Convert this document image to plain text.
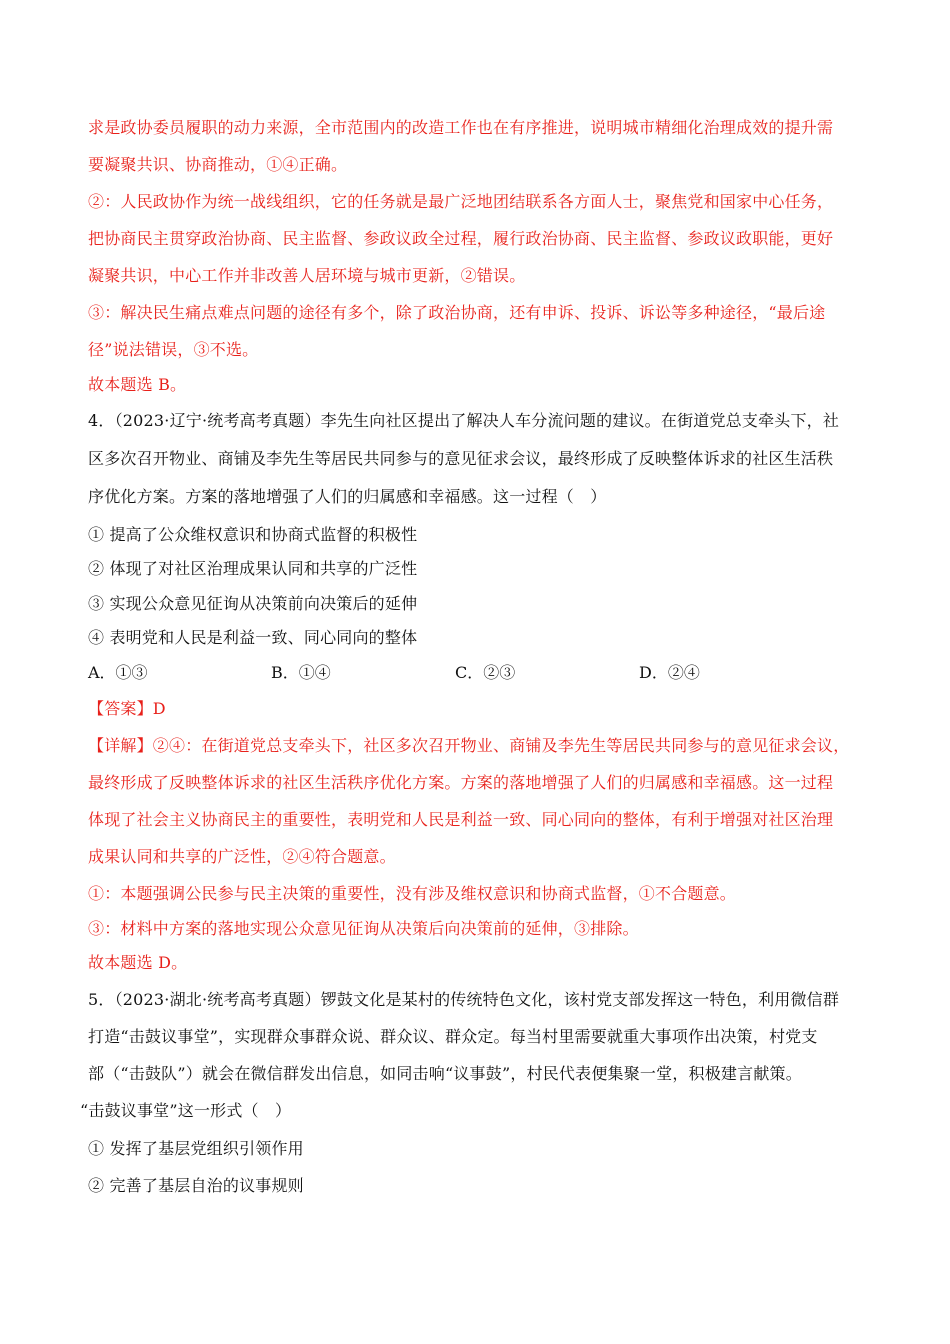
求是政协委员履职的动力来源，全市范围内的改造工作也在有序推进，说明城市精细化治理成效的提升需
要凝聚共识、协商推动，①④正确。
②：人民政协作为统一战线组织，它的任务就是最广泛地团结联系各方面人士，聚焦党和国家中心任务，
把协商民主贯穿政治协商、民主监督、参政议政全过程，履行政治协商、民主监督、参政议政职能，更好
凝聚共识，中心工作并非改善人居环境与城市更新，②错误。
③：解决民生痛点难点问题的途径有多个，除了政治协商，还有申诉、投诉、诉讼等多种途径，“最后途
径”说法错误，③不选。
故本题选 B。
4．（2023·辽宁·统考高考真题）李先生向社区提出了解决人车分流问题的建议。在街道党总支牵头下，社
区多次召开物业、商铺及李先生等居民共同参与的意见征求会议，最终形成了反映整体诉求的社区生活秩
序优化方案。方案的落地增强了人们的归属感和幸福感。这一过程（　）
① 提高了公众维权意识和协商式监督的积极性
② 体现了对社区治理成果认同和共享的广泛性
③ 实现公众意见征询从决策前向决策后的延伸
④ 表明党和人民是利益一致、同心同向的整体
A．①③	B．①④	C．②③	D．②④
【答案】D
【详解】②④：在街道党总支牵头下，社区多次召开物业、商铺及李先生等居民共同参与的意见征求会议，
最终形成了反映整体诉求的社区生活秩序优化方案。方案的落地增强了人们的归属感和幸福感。这一过程
体现了社会主义协商民主的重要性，表明党和人民是利益一致、同心同向的整体，有利于增强对社区治理
成果认同和共享的广泛性，②④符合题意。
①：本题强调公民参与民主决策的重要性，没有涉及维权意识和协商式监督，①不合题意。
③：材料中方案的落地实现公众意见征询从决策后向决策前的延伸，③排除。
故本题选 D。
5．（2023·湖北·统考高考真题）锣鼓文化是某村的传统特色文化，该村党支部发挥这一特色，利用微信群
打造“击鼓议事堂”，实现群众事群众说、群众议、群众定。每当村里需要就重大事项作出决策，村党支
部（“击鼓队”）就会在微信群发出信息，如同击响“议事鼓”，村民代表便集聚一堂，积极建言献策。
“击鼓议事堂”这一形式（　）
① 发挥了基层党组织引领作用
② 完善了基层自治的议事规则
